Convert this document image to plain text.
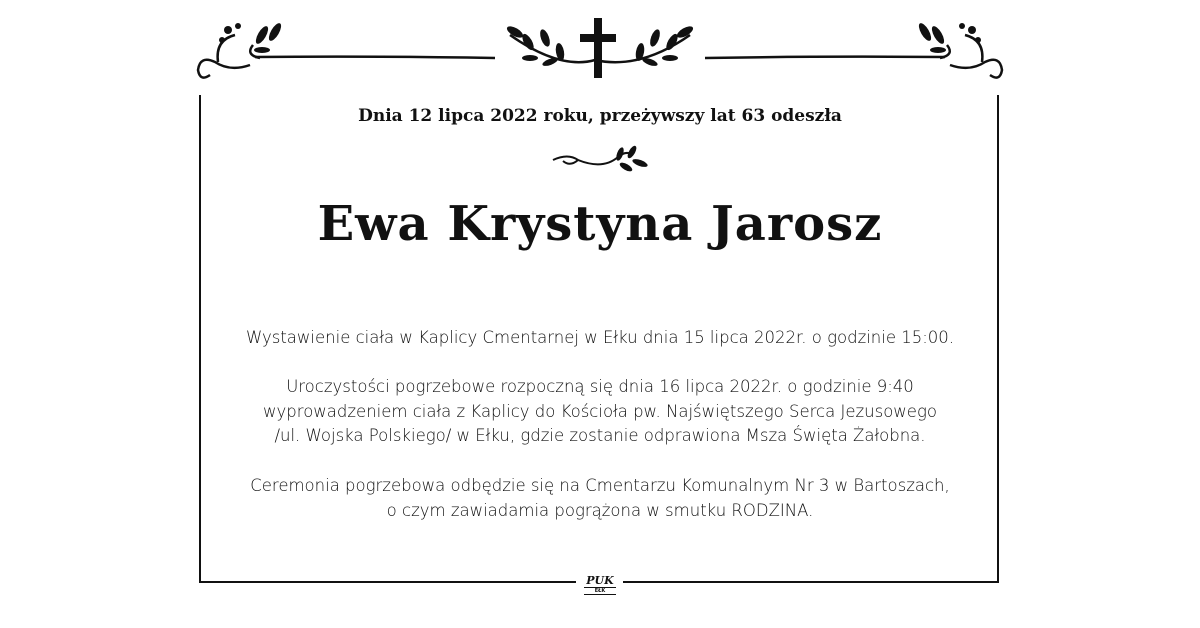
PUK
EŁK
Dnia 12 lipca 2022 roku, przeżywszy lat 63 odeszła
Ewa Krystyna Jarosz
Wystawienie ciała w Kaplicy Cmentarnej w Ełku dnia 15 lipca 2022r. o godzinie 15:00.
Uroczystości pogrzebowe rozpoczną się dnia 16 lipca 2022r. o godzinie 9:40
wyprowadzeniem ciała z Kaplicy do Kościoła pw. Najświętszego Serca Jezusowego
/ul. Wojska Polskiego/ w Ełku, gdzie zostanie odprawiona Msza Święta Żałobna.
Ceremonia pogrzebowa odbędzie się na Cmentarzu Komunalnym Nr 3 w Bartoszach,
o czym zawiadamia pogrążona w smutku RODZINA.
